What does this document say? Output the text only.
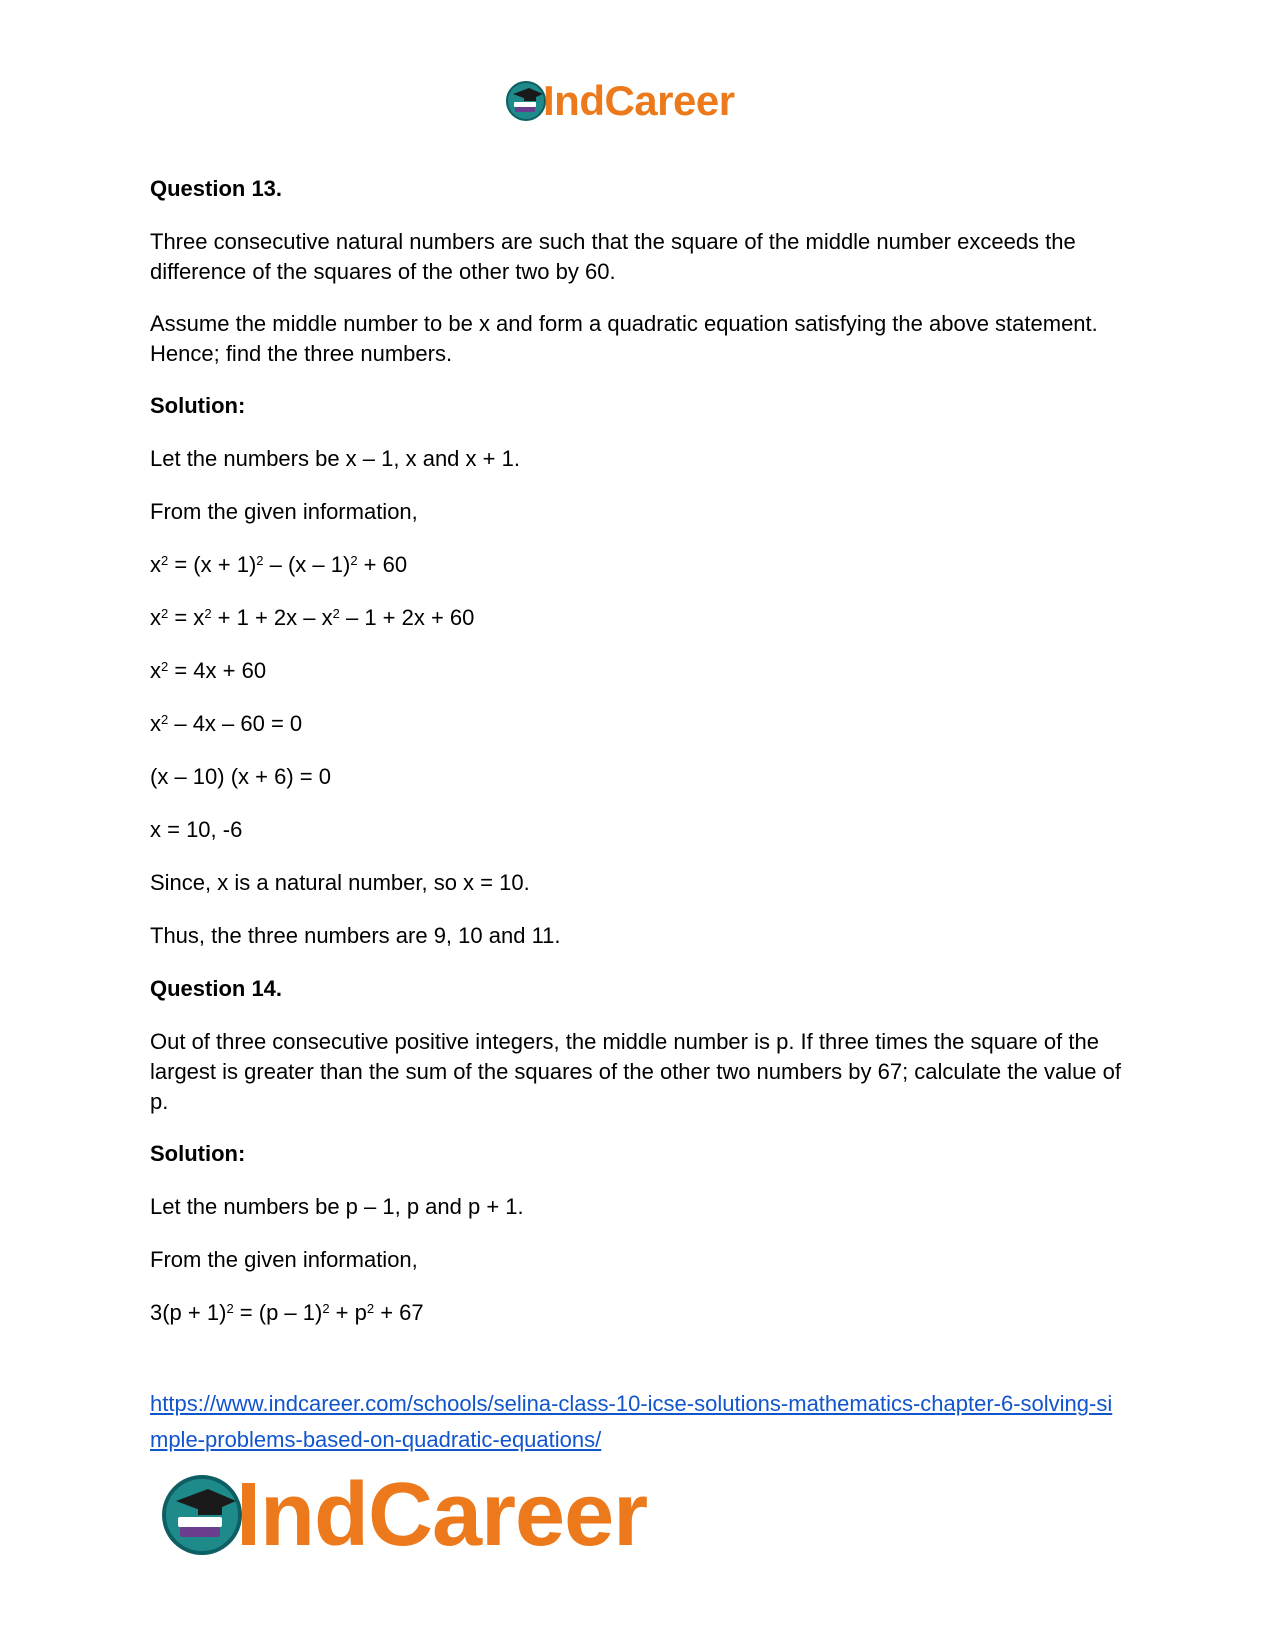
IndCareer

Question 13.

Three consecutive natural numbers are such that the square of the middle number exceeds the difference of the squares of the other two by 60.

Assume the middle number to be x and form a quadratic equation satisfying the above statement. Hence; find the three numbers.

Solution:

Let the numbers be x – 1, x and x + 1.

From the given information,

$x^2 = (x + 1)^2 - (x - 1)^2 + 60$

$x^2 = x^2 + 1 + 2x - x^2 - 1 + 2x + 60$

$x^2 = 4x + 60$

$x^2 - 4x - 60 = 0$

(x – 10) (x + 6) = 0

x = 10, -6

Since, x is a natural number, so x = 10.

Thus, the three numbers are 9, 10 and 11.

Question 14.

Out of three consecutive positive integers, the middle number is p. If three times the square of the largest is greater than the sum of the squares of the other two numbers by 67; calculate the value of p.

Solution:

Let the numbers be p – 1, p and p + 1.

From the given information,

$3(p + 1)^2 = (p - 1)^2 + p^2 + 67$

https://www.indcareer.com/schools/selina-class-10-icse-solutions-mathematics-chapter-6-solving-simple-problems-based-on-quadratic-equations/
IndCareer
